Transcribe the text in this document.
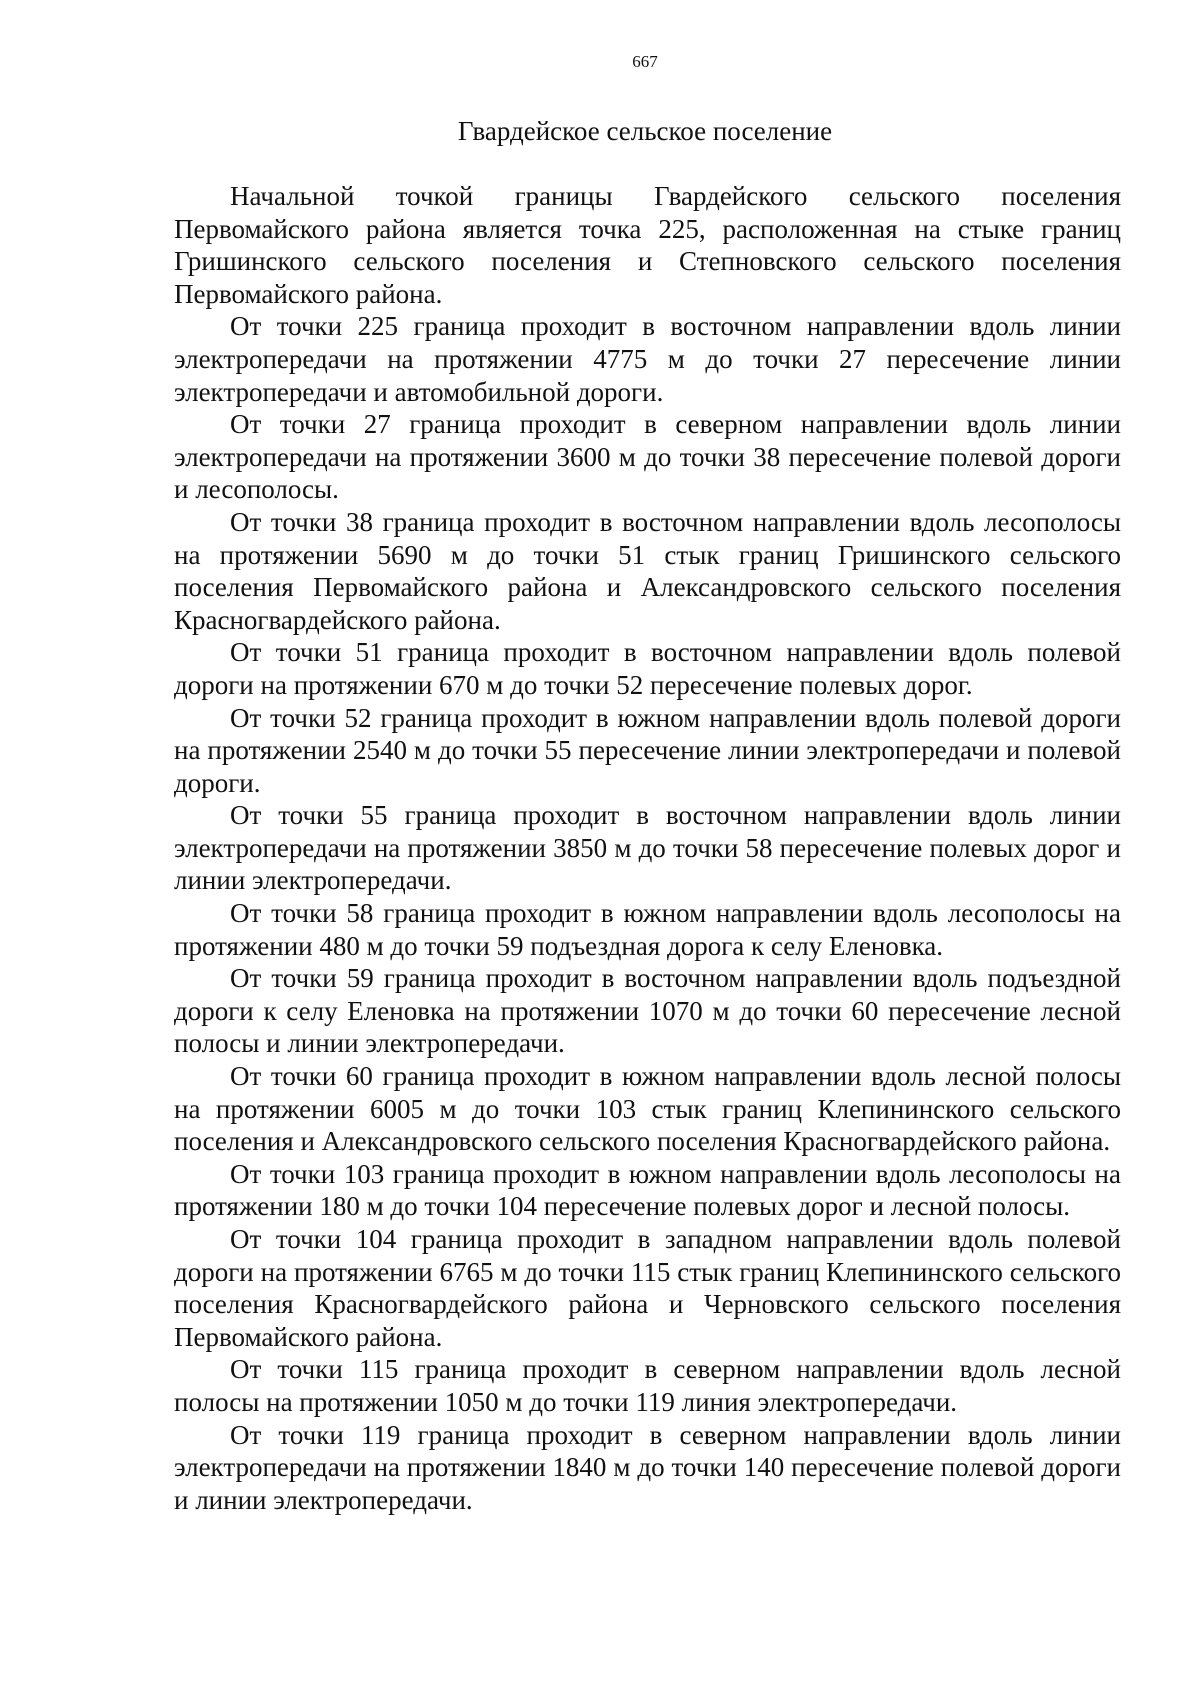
667
Гвардейское сельское поселение

Начальной точкой границы Гвардейского сельского поселения Первомайского района является точка 225, расположенная на стыке границ Гришинского сельского поселения и Степновского сельского поселения Первомайского района.

От точки 225 граница проходит в восточном направлении вдоль линии электропередачи на протяжении 4775 м до точки 27 пересечение линии электропередачи и автомобильной дороги.

От точки 27 граница проходит в северном направлении вдоль линии электропередачи на протяжении 3600 м до точки 38 пересечение полевой дороги и лесополосы.

От точки 38 граница проходит в восточном направлении вдоль лесополосы на протяжении 5690 м до точки 51 стык границ Гришинского сельского поселения Первомайского района и Александровского сельского поселения Красногвардейского района.

От точки 51 граница проходит в восточном направлении вдоль полевой дороги на протяжении 670 м до точки 52 пересечение полевых дорог.

От точки 52 граница проходит в южном направлении вдоль полевой дороги на протяжении 2540 м до точки 55 пересечение линии электропередачи и полевой дороги.

От точки 55 граница проходит в восточном направлении вдоль линии электропередачи на протяжении 3850 м до точки 58 пересечение полевых дорог и линии электропередачи.

От точки 58 граница проходит в южном направлении вдоль лесополосы на протяжении 480 м до точки 59 подъездная дорога к селу Еленовка.

От точки 59 граница проходит в восточном направлении вдоль подъездной дороги к селу Еленовка на протяжении 1070 м до точки 60 пересечение лесной полосы и линии электропередачи.

От точки 60 граница проходит в южном направлении вдоль лесной полосы на протяжении 6005 м до точки 103 стык границ Клепининского сельского поселения и Александровского сельского поселения Красногвардейского района.

От точки 103 граница проходит в южном направлении вдоль лесополосы на протяжении 180 м до точки 104 пересечение полевых дорог и лесной полосы.

От точки 104 граница проходит в западном направлении вдоль полевой дороги на протяжении 6765 м до точки 115 стык границ Клепининского сельского поселения Красногвардейского района и Черновского сельского поселения Первомайского района.

От точки 115 граница проходит в северном направлении вдоль лесной полосы на протяжении 1050 м до точки 119 линия электропередачи.

От точки 119 граница проходит в северном направлении вдоль линии электропередачи на протяжении 1840 м до точки 140 пересечение полевой дороги и линии электропередачи.
